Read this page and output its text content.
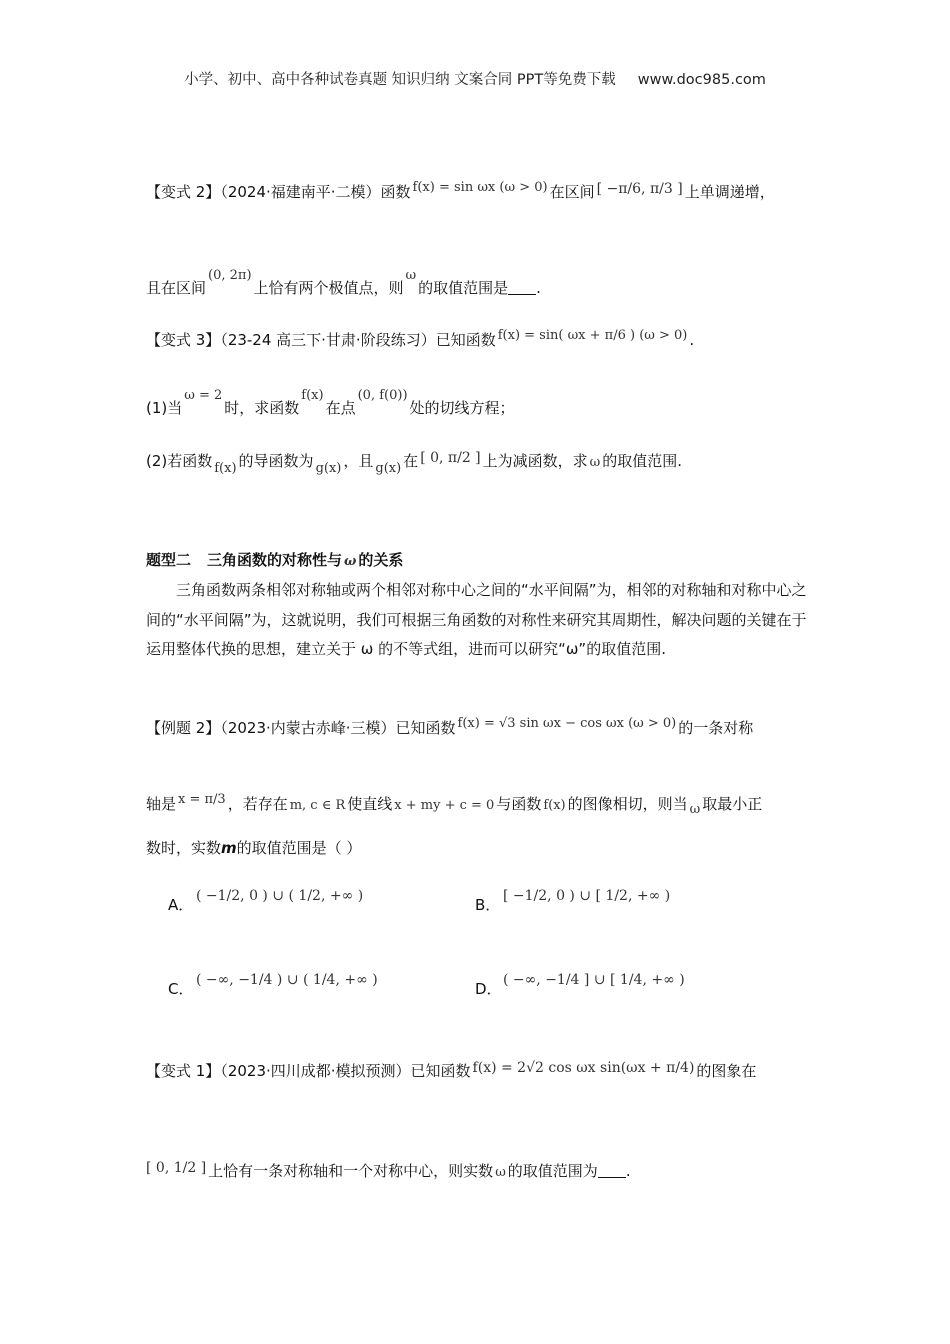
小学、初中、高中各种试卷真题 知识归纳 文案合同 PPT等免费下载 www.doc985.com
【变式 2】（2024·福建南平·二模）函数 f(x) = sin ωx (ω > 0) 在区间 [ −π/6, π/3 ] 上单调递增，
且在区间(0, 2π)上恰有两个极值点，则ω的取值范围是 .
【变式 3】（23-24 高三下·甘肃·阶段练习）已知函数 f(x) = sin( ωx + π/6 ) (ω > 0) .
(1)当ω = 2时，求函数f(x)在点(0, f(0))处的切线方程；
(2)若函数 f(x) 的导函数为 g(x) ，且 g(x) 在 [ 0, π/2 ] 上为减函数，求 ω 的取值范围.
题型二 三角函数的对称性与 ω 的关系
三角函数两条相邻对称轴或两个相邻对称中心之间的“水平间隔”为，相邻的对称轴和对称中心之间的“水平间隔”为，这就说明，我们可根据三角函数的对称性来研究其周期性，解决问题的关键在于运用整体代换的思想，建立关于 ω 的不等式组，进而可以研究“ω”的取值范围.
【例题 2】（2023·内蒙古赤峰·三模）已知函数 f(x) = √3 sin ωx − cos ωx (ω > 0) 的一条对称
轴是 x = π/3 ，若存在 m, c ∈ R 使直线 x + my + c = 0 与函数 f(x) 的图像相切，则当 ω 取最小正
数时，实数m的取值范围是（ ）
A． ( −1/2, 0 ) ∪ ( 1/2, +∞ )	B． [ −1/2, 0 ) ∪ [ 1/2, +∞ )
C． ( −∞, −1/4 ) ∪ ( 1/4, +∞ )	D．( −∞, −1/4 ] ∪ [ 1/4, +∞ )
【变式 1】（2023·四川成都·模拟预测）已知函数 f(x) = 2√2 cos ωx sin(ωx + π/4) 的图象在
[ 0, 1/2 ] 上恰有一条对称轴和一个对称中心，则实数 ω 的取值范围为 .
